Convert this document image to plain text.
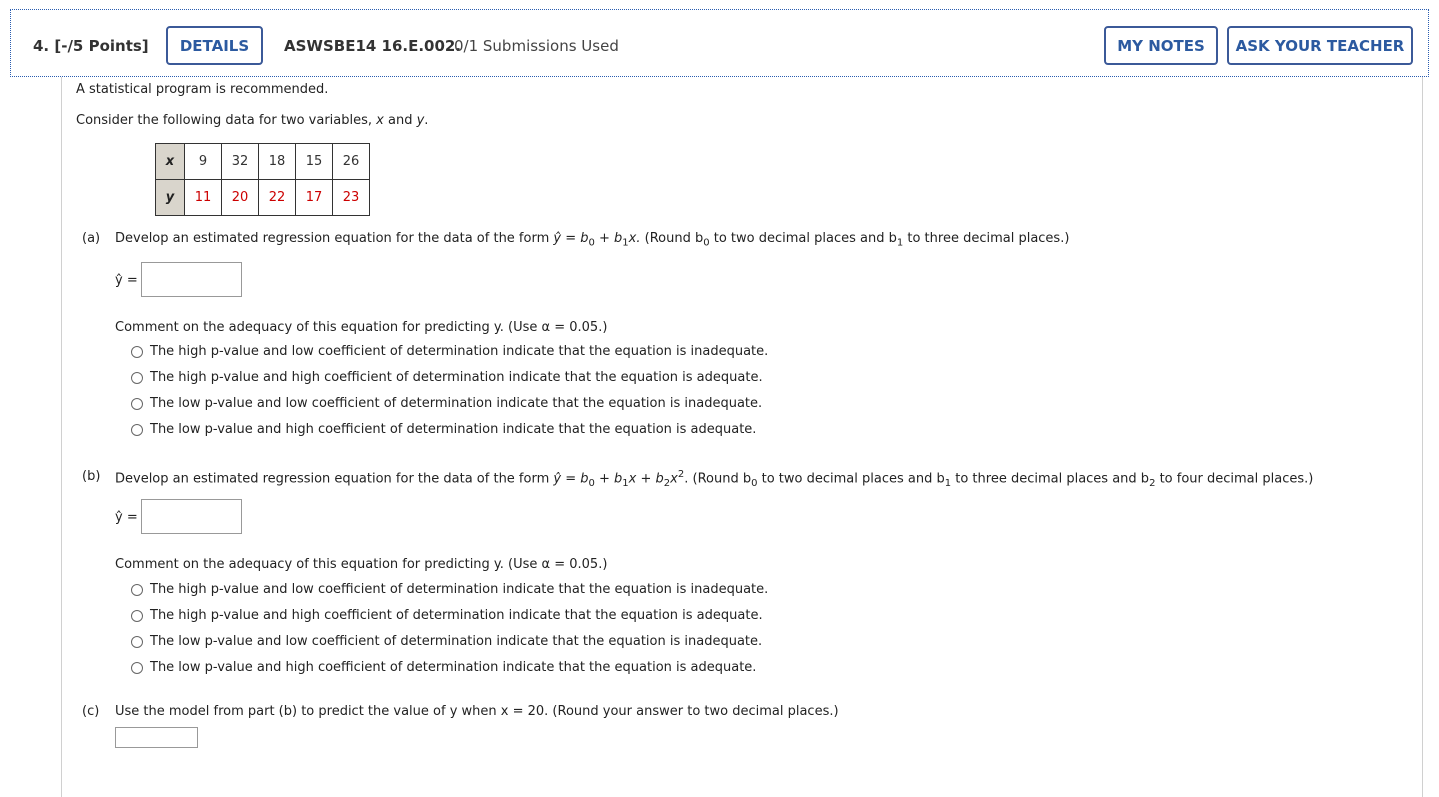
4. [-/5 Points]	DETAILS	ASWSBE14 16.E.002.
0/1 Submissions Used	MY NOTES	ASK YOUR TEACHER
A statistical program is recommended.
Consider the following data for two variables, x and y.
x	9	32	18	15	26
y	11	20	22	17	23
(a) Develop an estimated regression equation for the data of the form ŷ = $b_0 + b_1x$. (Round $b_0$ to two decimal places and $b_1$ to three decimal places.)
ŷ =
Comment on the adequacy of this equation for predicting y. (Use α = 0.05.)
The high p-value and low coefficient of determination indicate that the equation is inadequate.
The high p-value and high coefficient of determination indicate that the equation is adequate.
The low p-value and low coefficient of determination indicate that the equation is inadequate.
The low p-value and high coefficient of determination indicate that the equation is adequate.
(b) Develop an estimated regression equation for the data of the form ŷ = $b_0 + b_1x + b_2x^2$. (Round $b_0$ to two decimal places and $b_1$ to three decimal places and $b_2$ to four decimal places.)
ŷ =
Comment on the adequacy of this equation for predicting y. (Use α = 0.05.)
The high p-value and low coefficient of determination indicate that the equation is inadequate.
The high p-value and high coefficient of determination indicate that the equation is adequate.
The low p-value and low coefficient of determination indicate that the equation is inadequate.
The low p-value and high coefficient of determination indicate that the equation is adequate.
(c) Use the model from part (b) to predict the value of y when x = 20. (Round your answer to two decimal places.)
